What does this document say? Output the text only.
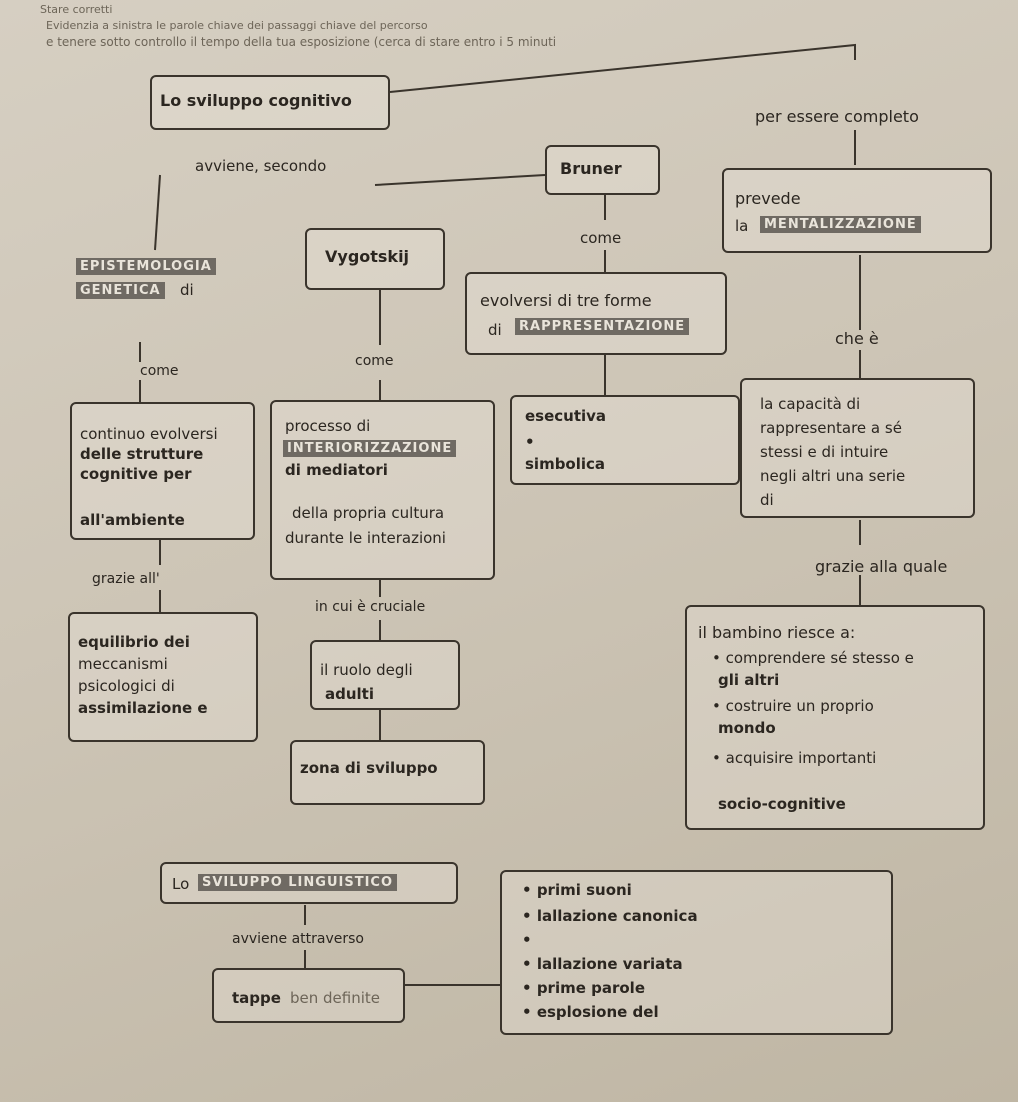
Stare corretti
Evidenzia a sinistra le parole chiave dei passaggi chiave del percorso
e tenere sotto controllo il tempo della tua esposizione (cerca di stare entro i 5 minuti
Lo sviluppo cognitivo
per essere completo
avviene, secondo	Bruner
prevede
la	MENTALIZZAZIONE
come
EPISTEMOLOGIA
GENETICA di
Vygotskij
evolversi di tre forme
di	RAPPRESENTAZIONE
che è
come
come
continuo evolversi
delle strutture
cognitive per
all'ambiente
processo di
INTERIORIZZAZIONE
di mediatori
della propria cultura
durante le interazioni
esecutiva
•
simbolica
la capacità di
rappresentare a sé
stessi e di intuire
negli altri una serie
di
grazie all'
in cui è cruciale
grazie alla quale
equilibrio dei
meccanismi
psicologici di
assimilazione e
il ruolo degli
adulti
zona di sviluppo
il bambino riesce a:
• comprendere sé stesso e
gli altri
• costruire un proprio
mondo
• acquisire importanti
socio-cognitive
Lo SVILUPPO LINGUISTICO
avviene attraverso
tappe ben definite
• primi suoni
• lallazione canonica
•
• lallazione variata
• prime parole
• esplosione del
